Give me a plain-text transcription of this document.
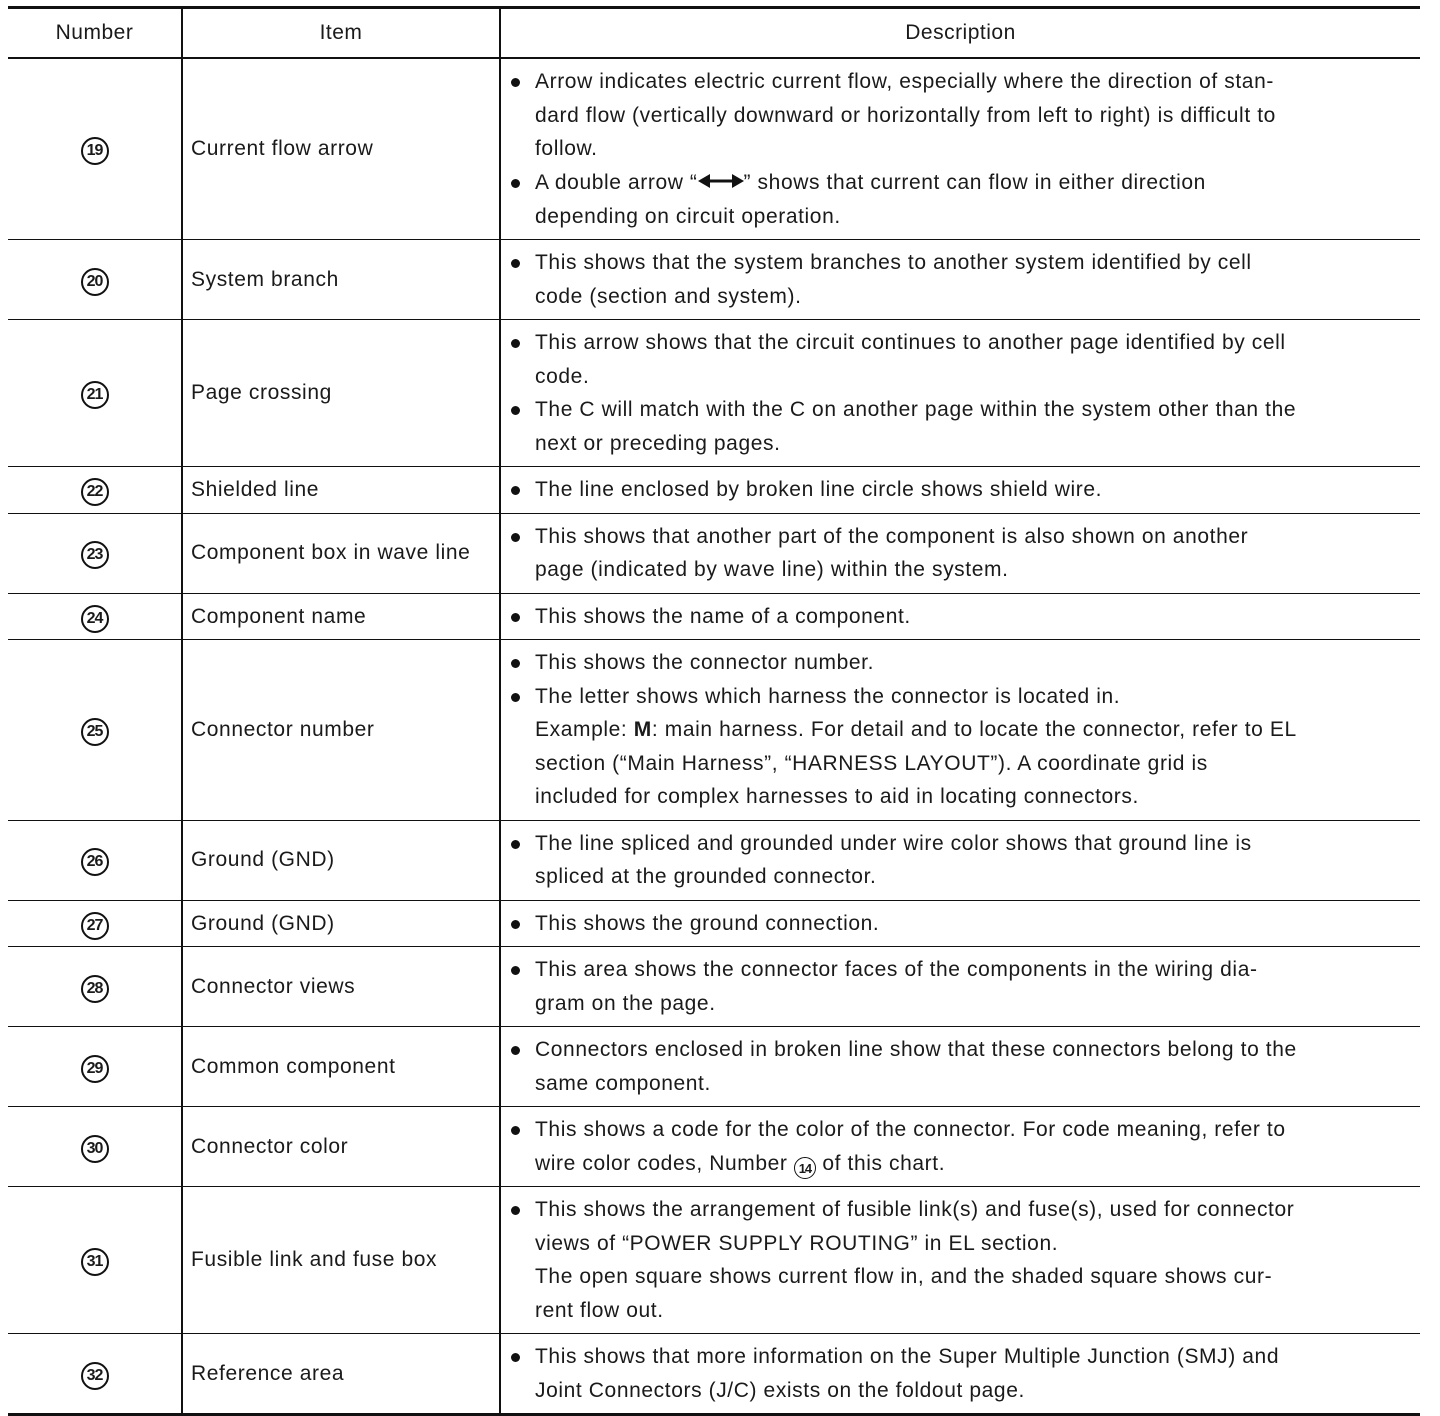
Number	Item	Description
19	Current flow arrow	Arrow indicates electric current flow, especially where the direction of stan-
dard flow (vertically downward or horizontally from left to right) is difficult to
follow.
A double arrow “ ” shows that current can flow in either direction
depending on circuit operation.

20	System branch	This shows that the system branches to another system identified by cell
code (section and system).

21	Page crossing	This arrow shows that the circuit continues to another page identified by cell
code.
The C will match with the C on another page within the system other than the
next or preceding pages.

22	Shielded line	The line enclosed by broken line circle shows shield wire.

23	Component box in wave line	This shows that another part of the component is also shown on another
page (indicated by wave line) within the system.

24	Component name	This shows the name of a component.

25	Connector number	This shows the connector number.
The letter shows which harness the connector is located in.
Example: M: main harness. For detail and to locate the connector, refer to EL
section (“Main Harness”, “HARNESS LAYOUT”). A coordinate grid is
included for complex harnesses to aid in locating connectors.

26	Ground (GND)	The line spliced and grounded under wire color shows that ground line is
spliced at the grounded connector.

27	Ground (GND)	This shows the ground connection.

28	Connector views	This area shows the connector faces of the components in the wiring dia-
gram on the page.

29	Common component	Connectors enclosed in broken line show that these connectors belong to the
same component.

30	Connector color	This shows a code for the color of the connector. For code meaning, refer to
wire color codes, Number 14 of this chart.

31	Fusible link and fuse box	This shows the arrangement of fusible link(s) and fuse(s), used for connector
views of “POWER SUPPLY ROUTING” in EL section.
The open square shows current flow in, and the shaded square shows cur-
rent flow out.

32	Reference area	This shows that more information on the Super Multiple Junction (SMJ) and
Joint Connectors (J/C) exists on the foldout page.
